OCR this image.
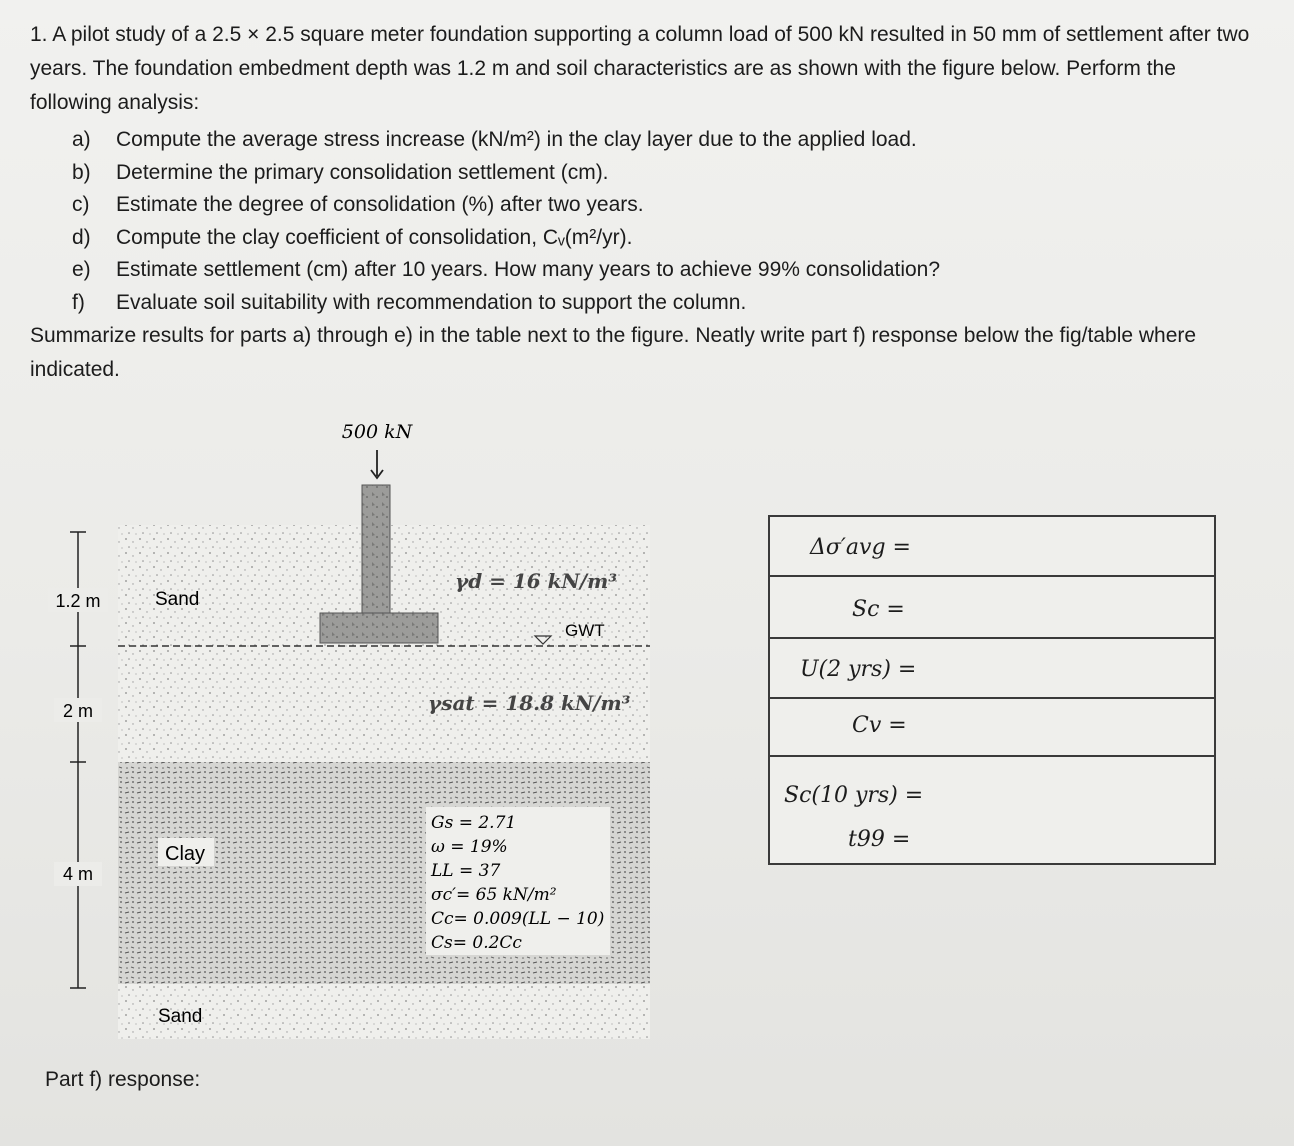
1. A pilot study of a 2.5 × 2.5 square meter foundation supporting a column load of 500 kN resulted in 50 mm of settlement after two years. The foundation embedment depth was 1.2 m and soil characteristics are as shown with the figure below. Perform the following analysis:

a)	Compute the average stress increase (kN/m²) in the clay layer due to the applied load.
b)	Determine the primary consolidation settlement (cm).
c)	Estimate the degree of consolidation (%) after two years.
d)	Compute the clay coefficient of consolidation, Cᵥ(m²/yr).
e)	Estimate settlement (cm) after 10 years. How many years to achieve 99% consolidation?
f)	Evaluate soil suitability with recommendation to support the column.

Summarize results for parts a) through e) in the table next to the figure. Neatly write part f) response below the fig/table where indicated.

500 kN
1.2 m
2 m
4 m
Sand
γd = 16 kN/m³
GWT
γsat = 18.8 kN/m³
Clay
Gs = 2.71
ω = 19%
LL = 37
σc′= 65 kN/m²
Cc= 0.009(LL − 10)
Cs= 0.2Cc
Sand
Δσ′avg =
Sc =
U(2 yrs) =
Cv =
Sc(10 yrs) =
t99 =
Part f) response:
